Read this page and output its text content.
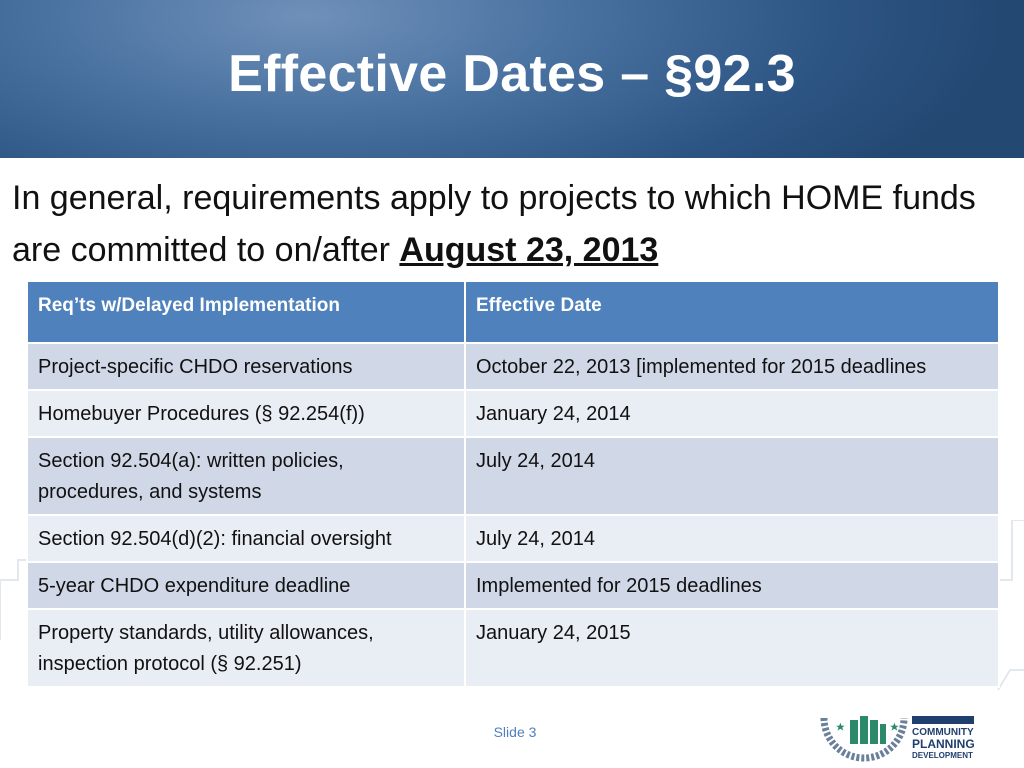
Effective Dates – §92.3
In general, requirements apply to projects to which HOME funds are committed to on/after August 23, 2013
Req’ts w/Delayed Implementation	Effective Date
Project-specific CHDO reservations	October 22, 2013 [implemented for 2015 deadlines
Homebuyer Procedures (§ 92.254(f))	January 24, 2014
Section 92.504(a): written policies, procedures, and systems	July 24, 2014
Section 92.504(d)(2): financial oversight	July 24, 2014
5-year CHDO expenditure deadline	Implemented for 2015 deadlines
Property standards, utility allowances, inspection protocol (§ 92.251)	January 24, 2015
Slide 3	COMMUNITY
PLANNING
DEVELOPMENT
